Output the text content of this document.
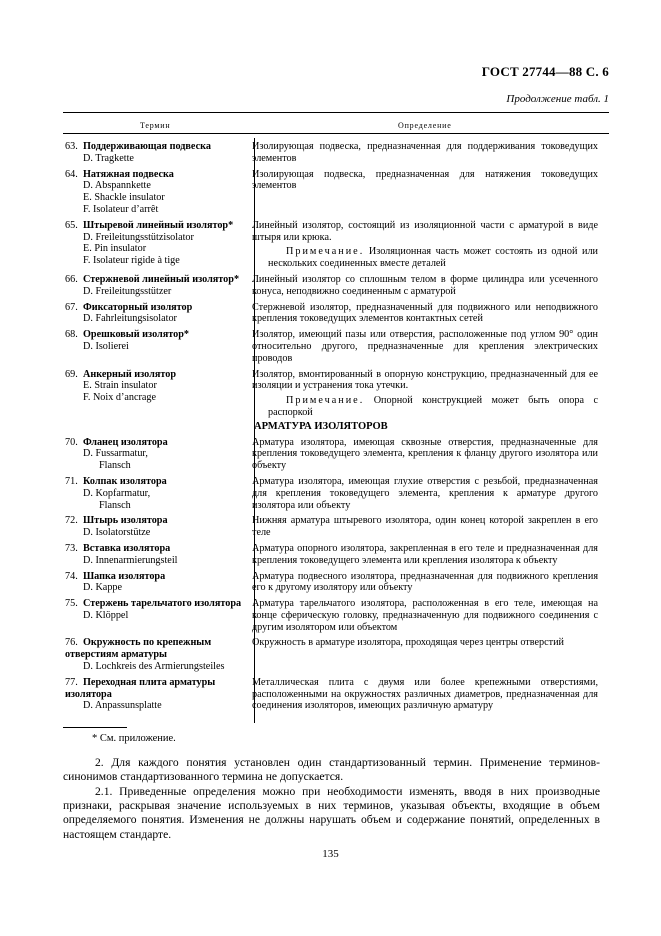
ГОСТ 27744—88 С. 6
Продолжение табл. 1
Термин	Определение
63. Поддерживающая подвеска
D. Tragkette
Изолирующая подвеска, предназначенная для поддерживания токоведущих элементов
64. Натяжная подвеска
D. Abspannkette
E. Shackle insulator
F. Isolateur d’arrêt
Изолирующая подвеска, предназначенная для натяжения токоведущих элементов
65. Штыревой линейный изолятор*
D. Freileitungsstützisolator
E. Pin insulator
F. Isolateur rigide à tige
Линейный изолятор, состоящий из изоляционной части с арматурой в виде штыря или крюка.
Примечание. Изоляционная часть может состоять из одной или нескольких соединенных вместе деталей
66. Стержневой линейный изолятор*
D. Freileitungsstützer
Линейный изолятор со сплошным телом в форме цилиндра или усеченного конуса, неподвижно соединенным с арматурой
67. Фиксаторный изолятор
D. Fahrleitungsisolator
Стержневой изолятор, предназначенный для подвижного или неподвижного крепления токоведущих элементов контактных сетей
68. Орешковый изолятор*
D. Isolierei
Изолятор, имеющий пазы или отверстия, расположенные под углом 90° один относительно другого, предназначенные для крепления электрических проводов
69. Анкерный изолятор
E. Strain insulator
F. Noix d’ancrage
Изолятор, вмонтированный в опорную конструкцию, предназначенный для ее изоляции и устранения тока утечки.
Примечание. Опорной конструкцией может быть опора с распоркой
АРМАТУРА ИЗОЛЯТОРОВ
70. Фланец изолятора
D. Fussarmatur,
Flansch
Арматура изолятора, имеющая сквозные отверстия, предназначенные для крепления токоведущего элемента, крепления к фланцу другого изолятора или объекту
71. Колпак изолятора
D. Kopfarmatur,
Flansch
Арматура изолятора, имеющая глухие отверстия с резьбой, предназначенная для крепления токоведущего элемента, крепления к арматуре другого изолятора или объекту
72. Штырь изолятора
D. Isolatorstütze
Нижняя арматура штыревого изолятора, один конец которой закреплен в его теле
73. Вставка изолятора
D. Innenarmierungsteil
Арматура опорного изолятора, закрепленная в его теле и предназначенная для крепления токоведущего элемента или крепления изолятора к объекту
74. Шапка изолятора
D. Kappe
Арматура подвесного изолятора, предназначенная для подвижного крепления его к другому изолятору или объекту
75. Стержень тарельчатого изолятора
D. Klöppel
Арматура тарельчатого изолятора, расположенная в его теле, имеющая на конце сферическую головку, предназначенную для подвижного соединения с другим изолятором или объектом
76. Окружность по крепежным отверстиям арматуры
D. Lochkreis des Armierungsteiles
Окружность в арматуре изолятора, проходящая через центры отверстий
77. Переходная плита арматуры изолятора
D. Anpassunsplatte
Металлическая плита с двумя или более крепежными отверстиями, расположенными на окружностях различных диаметров, предназначенная для соединения изоляторов, имеющих различную арматуру
* См. приложение.
2. Для каждого понятия установлен один стандартизованный термин. Применение терминов-синонимов стандартизованного термина не допускается.
2.1. Приведенные определения можно при необходимости изменять, вводя в них производные признаки, раскрывая значение используемых в них терминов, указывая объекты, входящие в объем определяемого понятия. Изменения не должны нарушать объем и содержание понятий, определенных в настоящем стандарте.
135
